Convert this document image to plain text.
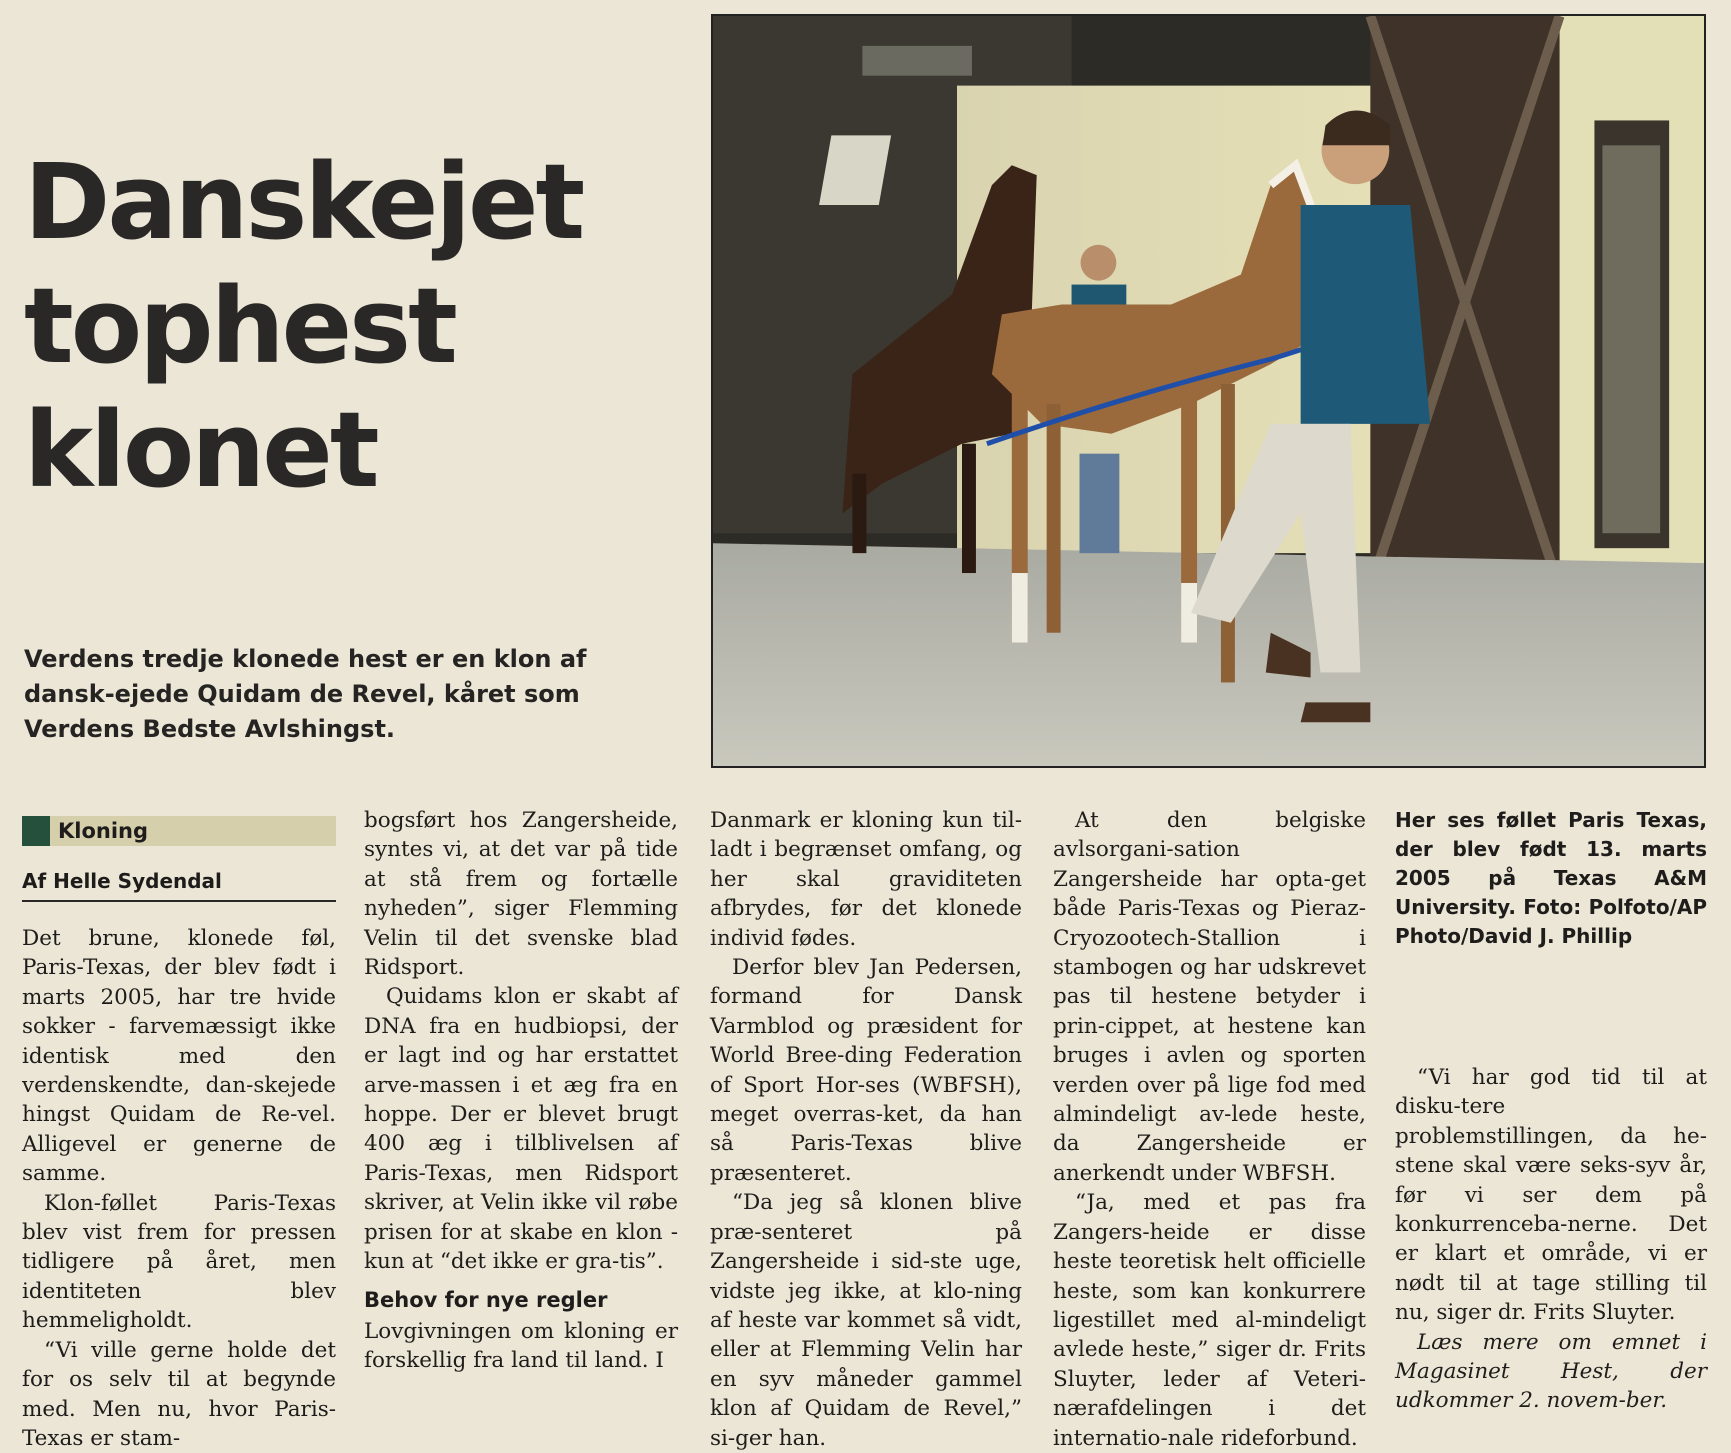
Danskejet
tophest
klonet

Verdens tredje klonede hest er en klon af dansk-ejede Quidam de Revel, kåret som Verdens Bedste Avlshingst.

Kloning
Af Helle Sydendal

Det brune, klonede føl, Paris-Texas, der blev født i marts 2005, har tre hvide sokker - farvemæssigt ikke identisk med den verdenskendte, dan-skejede hingst Quidam de Re-vel. Alligevel er generne de samme.

Klon-føllet Paris-Texas blev vist frem for pressen tidligere på året, men identiteten blev hemmeligholdt.

“Vi ville gerne holde det for os selv til at begynde med. Men nu, hvor Paris-Texas er stam-

bogsført hos Zangersheide, syntes vi, at det var på tide at stå frem og fortælle nyheden”, siger Flemming Velin til det svenske blad Ridsport.

Quidams klon er skabt af DNA fra en hudbiopsi, der er lagt ind og har erstattet arve-massen i et æg fra en hoppe. Der er blevet brugt 400 æg i tilblivelsen af Paris-Texas, men Ridsport skriver, at Velin ikke vil røbe prisen for at skabe en klon - kun at “det ikke er gra-tis”.

Behov for nye regler

Lovgivningen om kloning er forskellig fra land til land. I

Danmark er kloning kun til-ladt i begrænset omfang, og her skal graviditeten afbrydes, før det klonede individ fødes.

Derfor blev Jan Pedersen, formand for Dansk Varmblod og præsident for World Bree-ding Federation of Sport Hor-ses (WBFSH), meget overras-ket, da han så Paris-Texas blive præsenteret.

“Da jeg så klonen blive præ-senteret på Zangersheide i sid-ste uge, vidste jeg ikke, at klo-ning af heste var kommet så vidt, eller at Flemming Velin har en syv måneder gammel klon af Quidam de Revel,” si-ger han.

At den belgiske avlsorgani-sation Zangersheide har opta-get både Paris-Texas og Pieraz-Cryozootech-Stallion i stambogen og har udskrevet pas til hestene betyder i prin-cippet, at hestene kan bruges i avlen og sporten verden over på lige fod med almindeligt av-lede heste, da Zangersheide er anerkendt under WBFSH.

“Ja, med et pas fra Zangers-heide er disse heste teoretisk helt officielle heste, som kan konkurrere ligestillet med al-mindeligt avlede heste,” siger dr. Frits Sluyter, leder af Veteri-nærafdelingen i det internatio-nale rideforbund.

Her ses føllet Paris Texas, der blev født 13. marts 2005 på Texas A&M University. Foto: Polfoto/AP Photo/David J. Phillip

“Vi har god tid til at disku-tere problemstillingen, da he-stene skal være seks-syv år, før vi ser dem på konkurrenceba-nerne. Det er klart et område, vi er nødt til at tage stilling til nu, siger dr. Frits Sluyter.

Læs mere om emnet i Magasinet Hest, der udkommer 2. novem-ber.
